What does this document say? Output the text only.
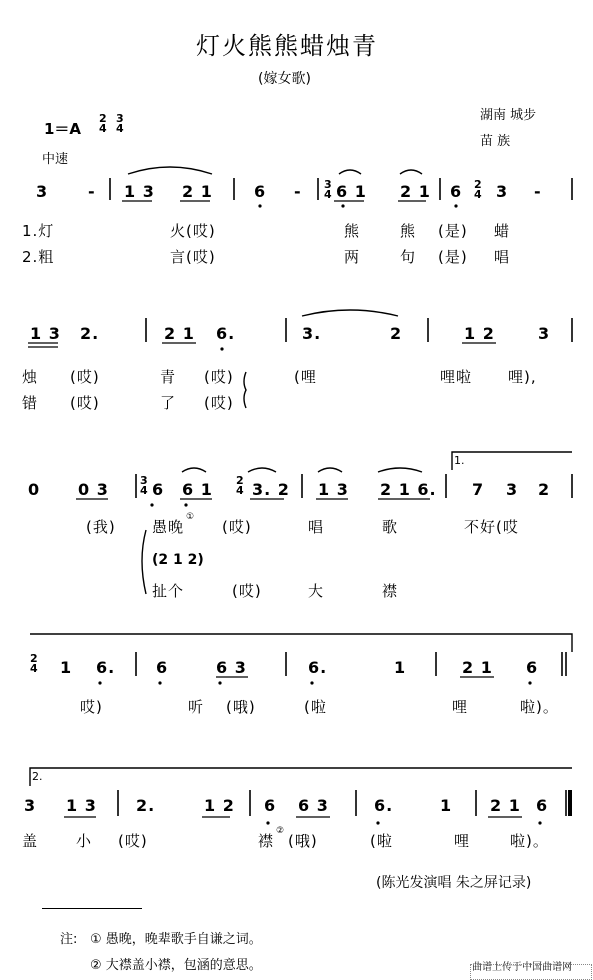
灯火熊熊蜡烛青
(嫁女歌)
1＝A
2
4
3
4
中速
湖南 城步
苗 族
3 - 1 3 2 1	6 - 3
4 6 1 2 1 6 2
4 3 -
1.灯	火(哎)	熊	熊 (是) 蜡
2.粗	言(哎)	两	句 (是) 唱
1 3 2.	2 1 6.	3.	2	1 2	3
烛 (哎)	青 (哎)	(哩	哩啦 哩),
错 (哎)	了 (哎)
0 0 3	3
4 6 6 1 2
4 3. 2 1 3 2 1 6.
1.
7 3 2
(我) 愚晚
①
(哎)	唱	歌	不好(哎
(2 1 2)
扯个	(哎)	大	襟
2
4 1 6.	6	6 3	6.	1	2 1 6
哎)	听 (哦)	(啦	哩	啦)。
2.
3 1 3 2.	1 2 6 6 3	6.	1 2 1 6
盖	小 (哎)	襟
②
(哦)	(啦	哩	啦)。
(陈光发演唱 朱之屏记录)
注: ① 愚晚，晚辈歌手自谦之词。
② 大襟盖小襟，包涵的意思。	曲谱上传于中国曲谱网
